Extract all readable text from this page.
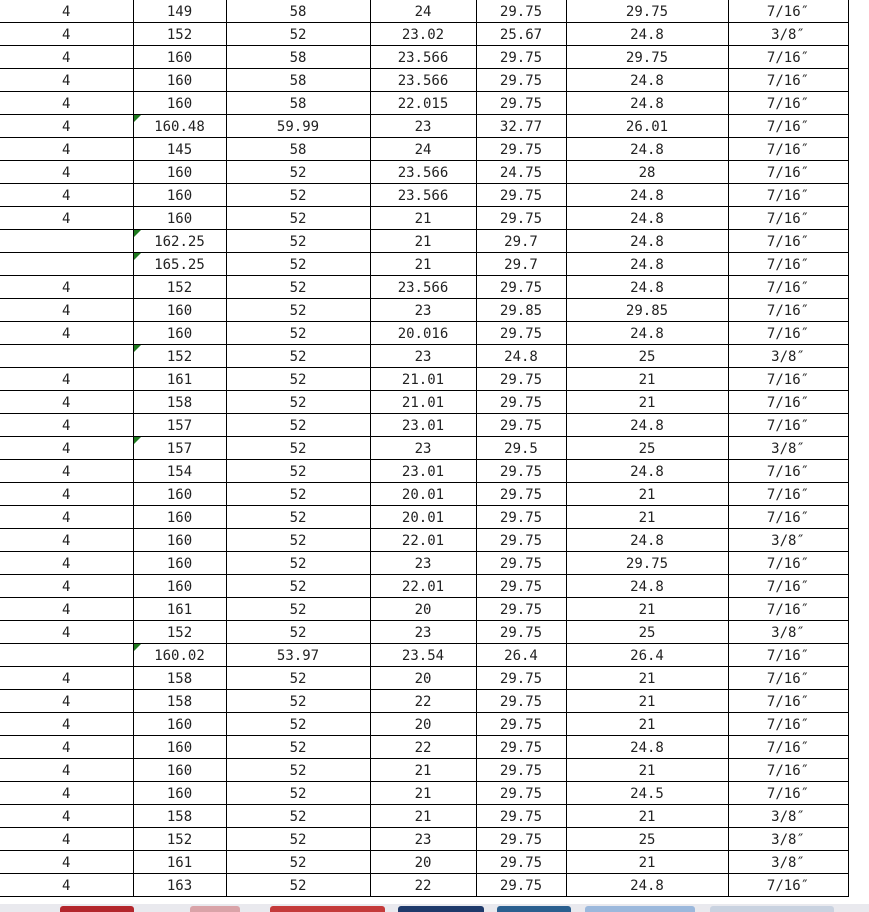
4	149	58	24	29.75	29.75	7/16″
4	152	52	23.02	25.67	24.8	3/8″
4	160	58	23.566	29.75	29.75	7/16″
4	160	58	23.566	29.75	24.8	7/16″
4	160	58	22.015	29.75	24.8	7/16″
4	160.48	59.99	23	32.77	26.01	7/16″
4	145	58	24	29.75	24.8	7/16″
4	160	52	23.566	24.75	28	7/16″
4	160	52	23.566	29.75	24.8	7/16″
4	160	52	21	29.75	24.8	7/16″
	162.25	52	21	29.7	24.8	7/16″
	165.25	52	21	29.7	24.8	7/16″
4	152	52	23.566	29.75	24.8	7/16″
4	160	52	23	29.85	29.85	7/16″
4	160	52	20.016	29.75	24.8	7/16″
	152	52	23	24.8	25	3/8″
4	161	52	21.01	29.75	21	7/16″
4	158	52	21.01	29.75	21	7/16″
4	157	52	23.01	29.75	24.8	7/16″
4	157	52	23	29.5	25	3/8″
4	154	52	23.01	29.75	24.8	7/16″
4	160	52	20.01	29.75	21	7/16″
4	160	52	20.01	29.75	21	7/16″
4	160	52	22.01	29.75	24.8	3/8″
4	160	52	23	29.75	29.75	7/16″
4	160	52	22.01	29.75	24.8	7/16″
4	161	52	20	29.75	21	7/16″
4	152	52	23	29.75	25	3/8″
	160.02	53.97	23.54	26.4	26.4	7/16″
4	158	52	20	29.75	21	7/16″
4	158	52	22	29.75	21	7/16″
4	160	52	20	29.75	21	7/16″
4	160	52	22	29.75	24.8	7/16″
4	160	52	21	29.75	21	7/16″
4	160	52	21	29.75	24.5	7/16″
4	158	52	21	29.75	21	3/8″
4	152	52	23	29.75	25	3/8″
4	161	52	20	29.75	21	3/8″
4	163	52	22	29.75	24.8	7/16″
